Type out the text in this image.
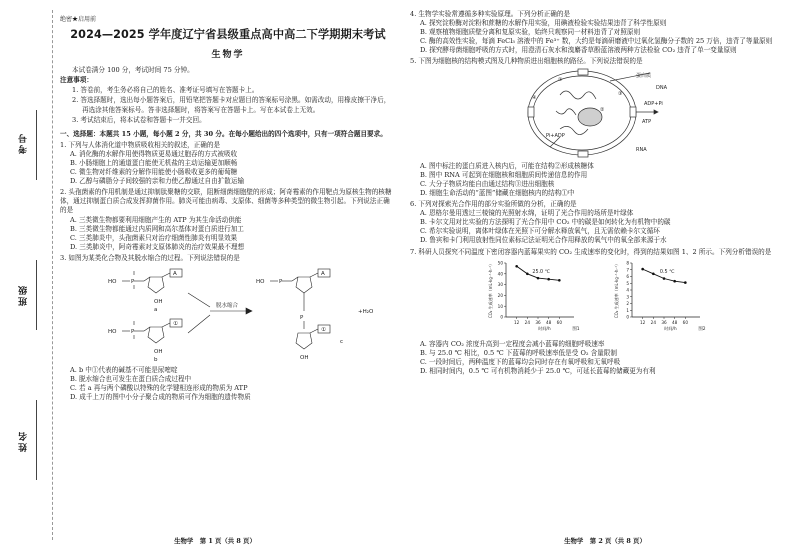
考号
班级
姓名
绝密★启用前
2024—2025 学年度辽宁省县级重点高中高二下学期期末考试
生物学
本试卷满分 100 分，考试时间 75 分钟。
注意事项：
1. 答卷前，考生务必将自己的姓名、准考证号填写在答题卡上。
2. 答选择题时，选出每小题答案后，用铅笔把答题卡对应题目的答案标号涂黑。如需改动，用橡皮擦干净后，再选涂其他答案标号。答非选择题时，将答案写在答题卡上。写在本试卷上无效。
3. 考试结束后，将本试卷和答题卡一并交回。
一、选择题：本题共 15 小题，每小题 2 分，共 30 分。在每小题给出的四个选项中，只有一项符合题目要求。
1. 下列与人体消化道中物质吸收相关的叙述，正确的是
A. 消化酶的水解作用使得物质更易通过胞吞的方式被吸收
B. 小肠细胞上的通道蛋白能使无机盐的主动运输更加顺畅
C. 微生物对纤维素的分解作用能使小肠吸收更多的葡萄糖
D. 乙醇与磷脂分子间较强的亲和力使乙醇通过自由扩散运输
2. 头孢菌素的作用机制是通过抑制肽聚糖的交联，阻断细菌细胞壁的形成；阿奇霉素的作用靶点为原核生物的核糖体，通过抑制蛋白质合成发挥抑菌作用。肺炎可能由病毒、支原体、细菌等多种类型的微生物引起。下列说法正确的是
A. 三类微生物都要利用细胞产生的 ATP 为其生命活动供能
B. 三类微生物都能通过内质网和高尔基体对蛋白质进行加工
C. 三类肺炎中，头孢菌素只对治疗细菌性肺炎有明显效果
D. 三类肺炎中，阿奇霉素对支原体肺炎的治疗效果最不理想
3. 如图为某类化合物及其脱水缩合的过程。下列说法错误的是
HO	P
A
OH
a
HO	P
①
OH
b
脱水缩合
+H₂O
HO	P
A
P
①
OH
c
A. b 中①代表的碱基不可能是尿嘧啶
B. 脱水缩合也可发生在蛋白质合成过程中
C. 若 a 再与两个磷酸以特殊的化学键相连形成的物质为 ATP
D. 成千上万的图中小分子聚合成的物质可作为细胞的遗传物质
生物学　第 1 页（共 8 页）
4. 生物学实验常遵循多种实验原理。下列分析正确的是
A. 探究淀粉酶对淀粉和蔗糖的水解作用实验，用碘液检验实验结果违背了科学性原则
B. 观察植物细胞质壁分离和复原实验，始终只观察同一材料违背了对照原则
C. 酶的高效性实验，每滴 FeCl₃ 溶液中的 Fe³⁺ 数，大约是每滴研磨液中过氧化氢酶分子数的 25 万倍，违背了等量原则
D. 探究酵母菌细胞呼吸的方式时，用澄清石灰水和溴麝香草酚蓝溶液两种方法检验 CO₂ 违背了单一变量原则
5. 下图为细胞核的结构模式图及几种物质进出细胞核的路径。下列说法错误的是
蛋白质
DNA
ATP
ADP+Pi
Pi+ADP
RNA
①
②
③
④
A. 图中标注的蛋白质进入核内后，可能在结构②形成核糖体
B. 图中 RNA 可起到在细胞核和细胞质间传递信息的作用
C. 大分子物质均能自由通过结构③进出细胞核
D. 细胞生命活动的“蓝图”储藏在细胞核内的结构①中
6. 下列对探索光合作用的部分实验所做的分析，正确的是
A. 恩格尔曼用透过三棱镜的光照射水绵，证明了光合作用的场所是叶绿体
B. 卡尔文用对比实验的方法探明了光合作用中 CO₂ 中的碳是如何转化为有机物中的碳
C. 希尔实验说明，离体叶绿体在光照下可分解水释放氧气，且无需依赖卡尔文循环
D. 鲁宾和卡门利用放射性同位素标记法证明光合作用释放的氧气中的氧全部来源于水
7. 科研人员探究不同温度下密闭容器内蓝莓果实的 CO₂ 生成速率的变化时，得到的结果如图 1、2 所示。下列分析错误的是
0
10
20
30
40
50
12 24 36 48 60
25.0 ℃
CO₂ 生成速率（mL·kg⁻¹·h⁻¹）
时间/h	图1
0
1
2
3
4
5
6
7
8
12 24 36 48 60
0.5 ℃
CO₂ 生成速率（mL·kg⁻¹·h⁻¹）
时间/h	图2
A. 容器内 CO₂ 浓度升高到一定程度会减小蓝莓的细胞呼吸速率
B. 与 25.0 ℃ 相比，0.5 ℃ 下蓝莓的呼吸速率低是受 O₂ 含量限制
C. 一段时间后，两种温度下的蓝莓均会同时存在有氧呼吸和无氧呼吸
D. 相同时间内，0.5 ℃ 可有机物消耗少于 25.0 ℃，可延长蓝莓的储藏更为有利
生物学　第 2 页（共 8 页）
